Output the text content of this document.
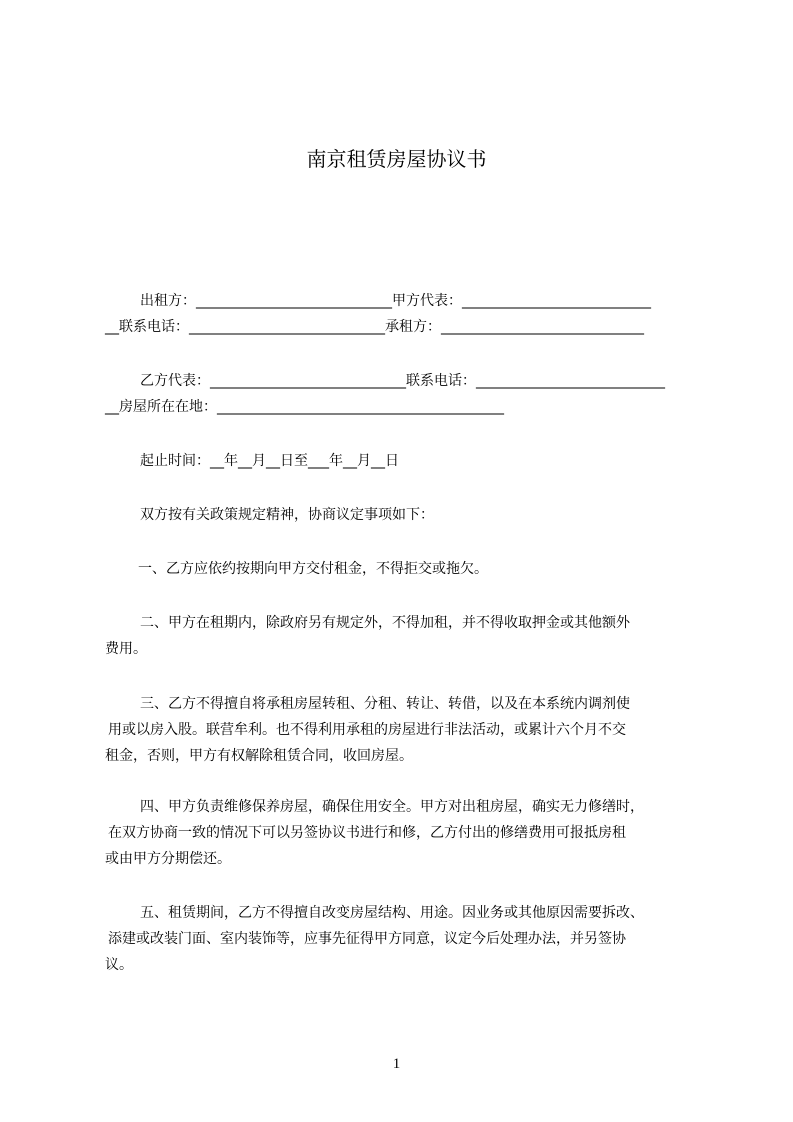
南京租赁房屋协议书
出租方：____________________________甲方代表：___________________________
__联系电话：____________________________承租方：_____________________________
乙方代表：____________________________联系电话：___________________________
__房屋所在在地：_________________________________________
起止时间：__年__月__日至___年__月__日
双方按有关政策规定精神，协商议定事项如下：
一、乙方应依约按期向甲方交付租金，不得拒交或拖欠。
二、甲方在租期内，除政府另有规定外，不得加租，并不得收取押金或其他额外
费用。
三、乙方不得擅自将承租房屋转租、分租、转让、转借，以及在本系统内调剂使
用或以房入股。联营牟利。也不得利用承租的房屋进行非法活动，或累计六个月不交
租金，否则，甲方有权解除租赁合同，收回房屋。
四、甲方负责维修保养房屋，确保住用安全。甲方对出租房屋，确实无力修缮时，
在双方协商一致的情况下可以另签协议书进行和修，乙方付出的修缮费用可报抵房租
或由甲方分期偿还。
五、租赁期间，乙方不得擅自改变房屋结构、用途。因业务或其他原因需要拆改、
添建或改装门面、室内装饰等，应事先征得甲方同意，议定今后处理办法，并另签协
议。
1
